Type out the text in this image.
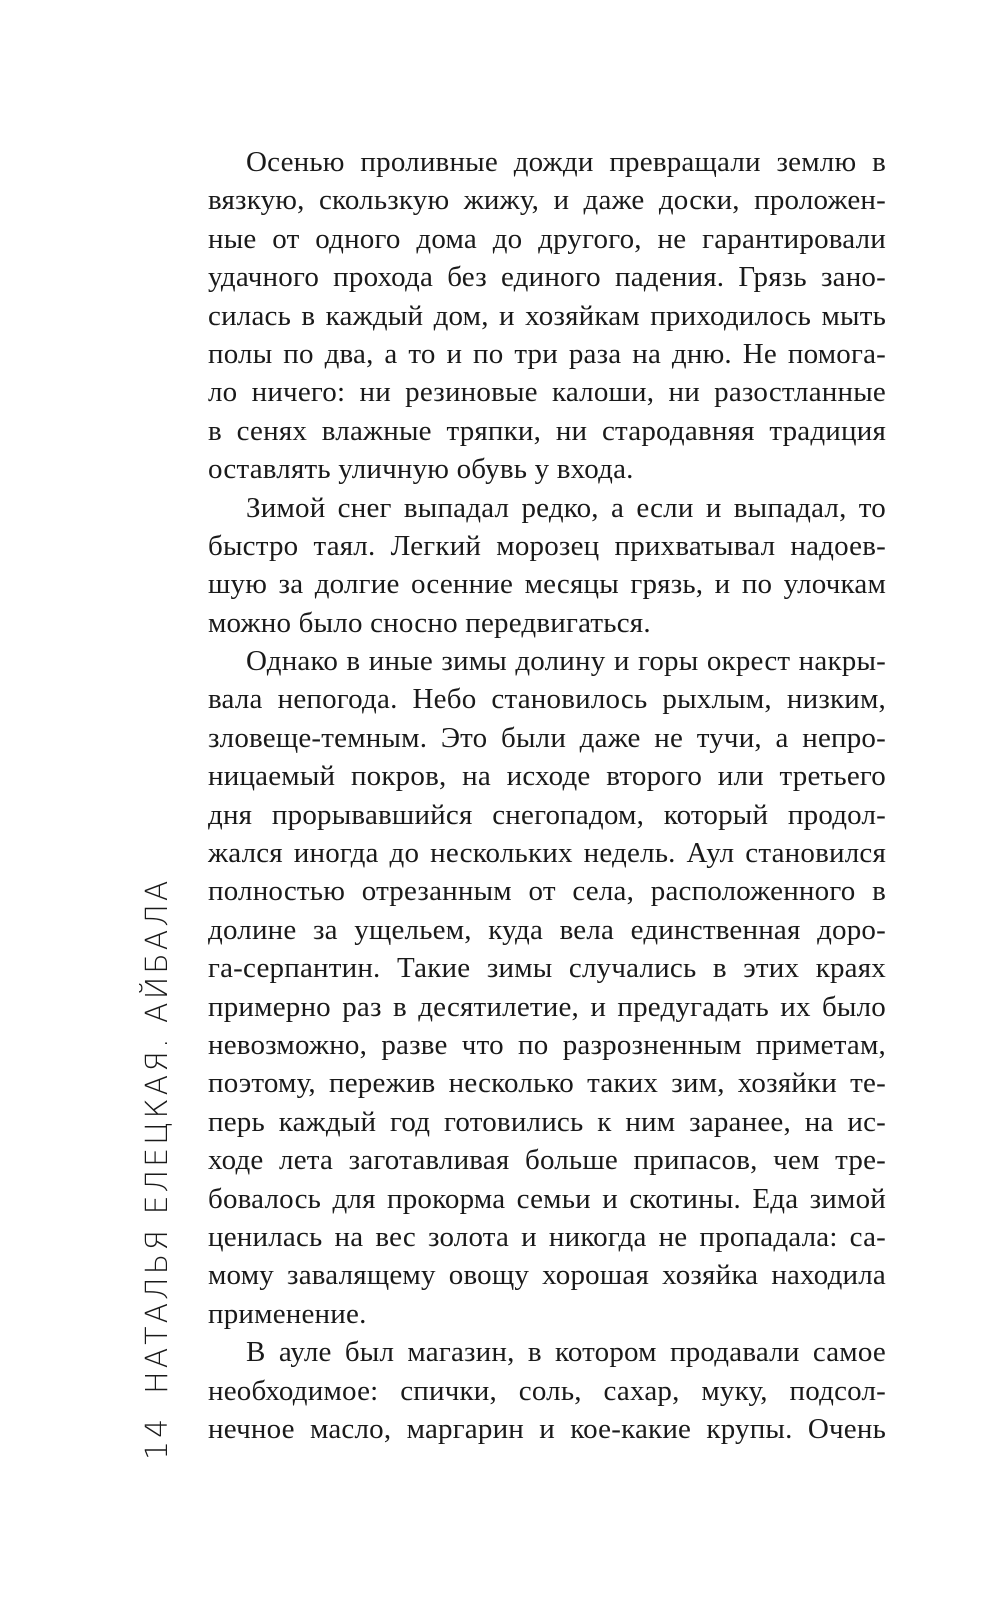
14
НАТАЛЬЯ ЕЛЕЦКАЯ. АЙБАЛА
Осенью проливные дожди превращали землю в
вязкую, скользкую жижу, и даже доски, проложен-
ные от одного дома до другого, не гарантировали
удачного прохода без единого падения. Грязь зано-
силась в каждый дом, и хозяйкам приходилось мыть
полы по два, а то и по три раза на дню. Не помога-
ло ничего: ни резиновые калоши, ни разостланные
в сенях влажные тряпки, ни стародавняя традиция
оставлять уличную обувь у входа.
Зимой снег выпадал редко, а если и выпадал, то
быстро таял. Легкий морозец прихватывал надоев-
шую за долгие осенние месяцы грязь, и по улочкам
можно было сносно передвигаться.
Однако в иные зимы долину и горы окрест накры-
вала непогода. Небо становилось рыхлым, низким,
зловеще-темным. Это были даже не тучи, а непро-
ницаемый покров, на исходе второго или третьего
дня прорывавшийся снегопадом, который продол-
жался иногда до нескольких недель. Аул становился
полностью отрезанным от села, расположенного в
долине за ущельем, куда вела единственная доро-
га-серпантин. Такие зимы случались в этих краях
примерно раз в десятилетие, и предугадать их было
невозможно, разве что по разрозненным приметам,
поэтому, пережив несколько таких зим, хозяйки те-
перь каждый год готовились к ним заранее, на ис-
ходе лета заготавливая больше припасов, чем тре-
бовалось для прокорма семьи и скотины. Еда зимой
ценилась на вес золота и никогда не пропадала: са-
мому завалящему овощу хорошая хозяйка находила
применение.
В ауле был магазин, в котором продавали самое
необходимое: спички, соль, сахар, муку, подсол-
нечное масло, маргарин и кое-какие крупы. Очень
